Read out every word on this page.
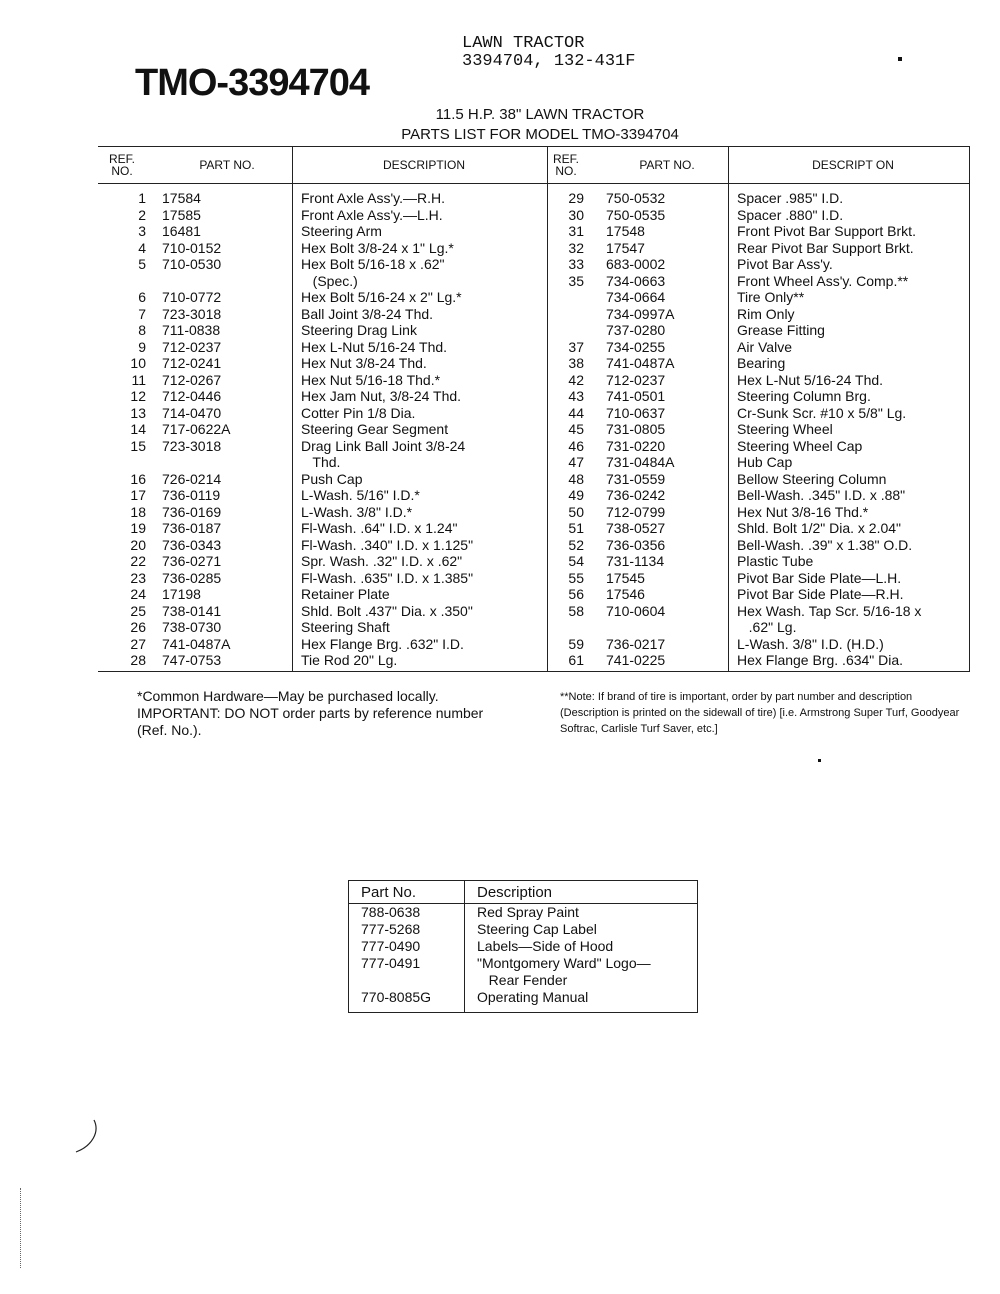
TMO-3394704
LAWN TRACTOR
3394704, 132-431F
11.5 H.P. 38" LAWN TRACTOR
PARTS LIST FOR MODEL TMO-3394704
REF. NO.	PART NO.	DESCRIPTION	REF. NO.	PART NO.	DESCRIPT ON
1	17584	Front Axle Ass'y.—R.H.	29	750-0532	Spacer .985" I.D.
2	17585	Front Axle Ass'y.—L.H.	30	750-0535	Spacer .880" I.D.
3	16481	Steering Arm	31	17548	Front Pivot Bar Support Brkt.
4	710-0152	Hex Bolt 3/8-24 x 1" Lg.*	32	17547	Rear Pivot Bar Support Brkt.
5	710-0530	Hex Bolt 5/16-18 x .62"	33	683-0002	Pivot Bar Ass'y.
		(Spec.)	35	734-0663	Front Wheel Ass'y. Comp.**
6	710-0772	Hex Bolt 5/16-24 x 2" Lg.*		734-0664	Tire Only**
7	723-3018	Ball Joint 3/8-24 Thd.		734-0997A	Rim Only
8	711-0838	Steering Drag Link		737-0280	Grease Fitting
9	712-0237	Hex L-Nut 5/16-24 Thd.	37	734-0255	Air Valve
10	712-0241	Hex Nut 3/8-24 Thd.	38	741-0487A	Bearing
11	712-0267	Hex Nut 5/16-18 Thd.*	42	712-0237	Hex L-Nut 5/16-24 Thd.
12	712-0446	Hex Jam Nut, 3/8-24 Thd.	43	741-0501	Steering Column Brg.
13	714-0470	Cotter Pin 1/8 Dia.	44	710-0637	Cr-Sunk Scr. #10 x 5/8" Lg.
14	717-0622A	Steering Gear Segment	45	731-0805	Steering Wheel
15	723-3018	Drag Link Ball Joint 3/8-24	46	731-0220	Steering Wheel Cap
		Thd.	47	731-0484A	Hub Cap
16	726-0214	Push Cap	48	731-0559	Bellow Steering Column
17	736-0119	L-Wash. 5/16" I.D.*	49	736-0242	Bell-Wash. .345" I.D. x .88"
18	736-0169	L-Wash. 3/8" I.D.*	50	712-0799	Hex Nut 3/8-16 Thd.*
19	736-0187	Fl-Wash. .64" I.D. x 1.24"	51	738-0527	Shld. Bolt 1/2" Dia. x 2.04"
20	736-0343	Fl-Wash. .340" I.D. x 1.125"	52	736-0356	Bell-Wash. .39" x 1.38" O.D.
22	736-0271	Spr. Wash. .32" I.D. x .62"	54	731-1134	Plastic Tube
23	736-0285	Fl-Wash. .635" I.D. x 1.385"	55	17545	Pivot Bar Side Plate—L.H.
24	17198	Retainer Plate	56	17546	Pivot Bar Side Plate—R.H.
25	738-0141	Shld. Bolt .437" Dia. x .350"	58	710-0604	Hex Wash. Tap Scr. 5/16-18 x
26	738-0730	Steering Shaft			.62" Lg.
27	741-0487A	Hex Flange Brg. .632" I.D.	59	736-0217	L-Wash. 3/8" I.D. (H.D.)
28	747-0753	Tie Rod 20" Lg.	61	741-0225	Hex Flange Brg. .634" Dia.
*Common Hardware—May be purchased locally. IMPORTANT: DO NOT order parts by reference number (Ref. No.).
**Note: If brand of tire is important, order by part number and description (Description is printed on the sidewall of tire) [i.e. Armstrong Super Turf, Goodyear Softrac, Carlisle Turf Saver, etc.]
Part No.	Description
788-0638	Red Spray Paint
777-5268	Steering Cap Label
777-0490	Labels—Side of Hood
777-0491	"Montgomery Ward" Logo—
	Rear Fender
770-8085G	Operating Manual
